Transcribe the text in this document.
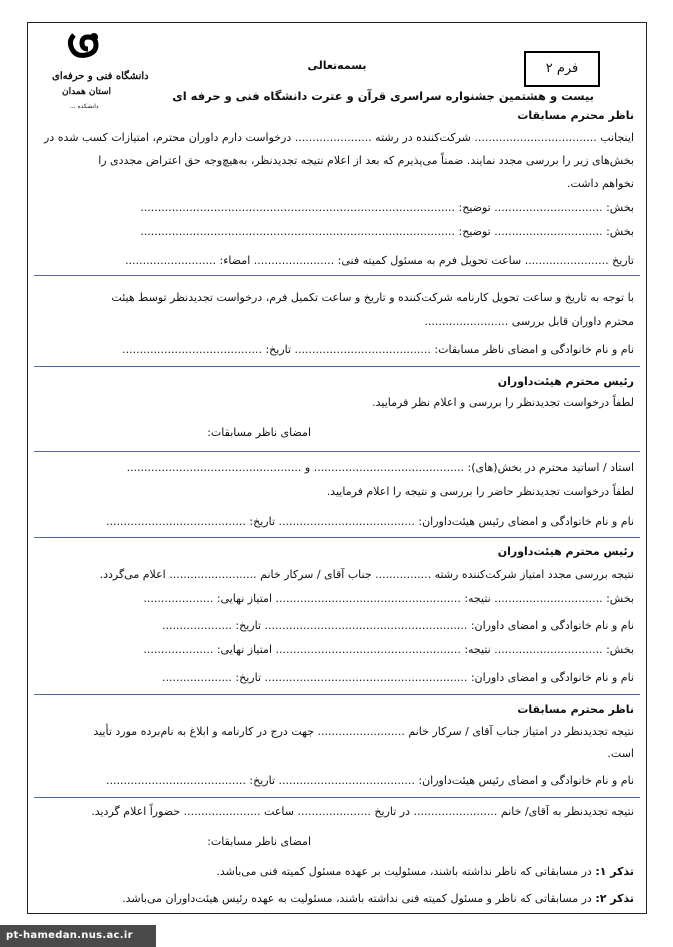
دانشگاه فنی و حرفه‌ای
استان همدان
دانشکده ...
بسمه‌تعالی	فرم ۲
بیست و هشتمین جشنواره سراسری قرآن و عترت دانشگاه فنی و حرفه ای
ناظر محترم مسابقات
اینجانب ................................... شرکت‌کننده در رشته ...................... درخواست دارم داوران محترم، امتیازات کسب شده در
بخش‌های زیر را بررسی مجدد نمایند. ضمناً می‌پذیرم که بعد از اعلام نتیجه تجدیدنظر، به‌هیچ‌وجه حق اعتراض مجددی را
نخواهم داشت.
بخش: ............................... توضیح: ..........................................................................................
بخش: ............................... توضیح: ..........................................................................................
تاریخ ........................ ساعت تحویل فرم به مسئول کمیته فنی: ....................... امضاء: ..........................
با توجه به تاریخ و ساعت تحویل کارنامه شرکت‌کننده و تاریخ و ساعت تکمیل فرم، درخواست تجدیدنظر توسط هیئت
محترم داوران قابل بررسی ........................
نام و نام خانوادگی و امضای ناظر مسابقات: ....................................... تاریخ: ........................................
رئیس محترم هیئت‌داوران
لطفاً درخواست تجدیدنظر را بررسی و اعلام نظر فرمایید.
امضای ناظر مسابقات:
استاد / اساتید محترم در بخش(های): ........................................... و ..................................................
لطفاً درخواست تجدیدنظر حاضر را بررسی و نتیجه را اعلام فرمایید.
نام و نام خانوادگی و امضای رئیس هیئت‌داوران: ....................................... تاریخ: ........................................
رئیس محترم هیئت‌داوران
نتیجه بررسی مجدد امتیاز شرکت‌کننده رشته ................ جناب آقای / سرکار خانم ......................... اعلام می‌گردد.
بخش: ............................... نتیجه: ..................................................... امتیاز نهایی: ....................
نام و نام خانوادگی و امضای داوران: .......................................................... تاریخ: ....................
بخش: ............................... نتیجه: ..................................................... امتیاز نهایی: ....................
نام و نام خانوادگی و امضای داوران: .......................................................... تاریخ: ....................
ناظر محترم مسابقات
نتیجه تجدیدنظر در امتیاز جناب آقای / سرکار خانم ......................... جهت درج در کارنامه و ابلاغ به نام‌برده مورد تأیید
است.
نام و نام خانوادگی و امضای رئیس هیئت‌داوران: ....................................... تاریخ: ........................................
نتیجه تجدیدنظر به آقای/ خانم ........................ در تاریخ ..................... ساعت ...................... حضوراً اعلام گردید.
امضای ناظر مسابقات:
تذکر ۱: در مسابقاتی که ناظر نداشته باشند، مسئولیت بر عهده مسئول کمیته فنی می‌باشد.
تذکر ۲: در مسابقاتی که ناظر و مسئول کمیته فنی نداشته باشند، مسئولیت به عهده رئیس هیئت‌داوران می‌باشد.
pt-hamedan.nus.ac.ir
